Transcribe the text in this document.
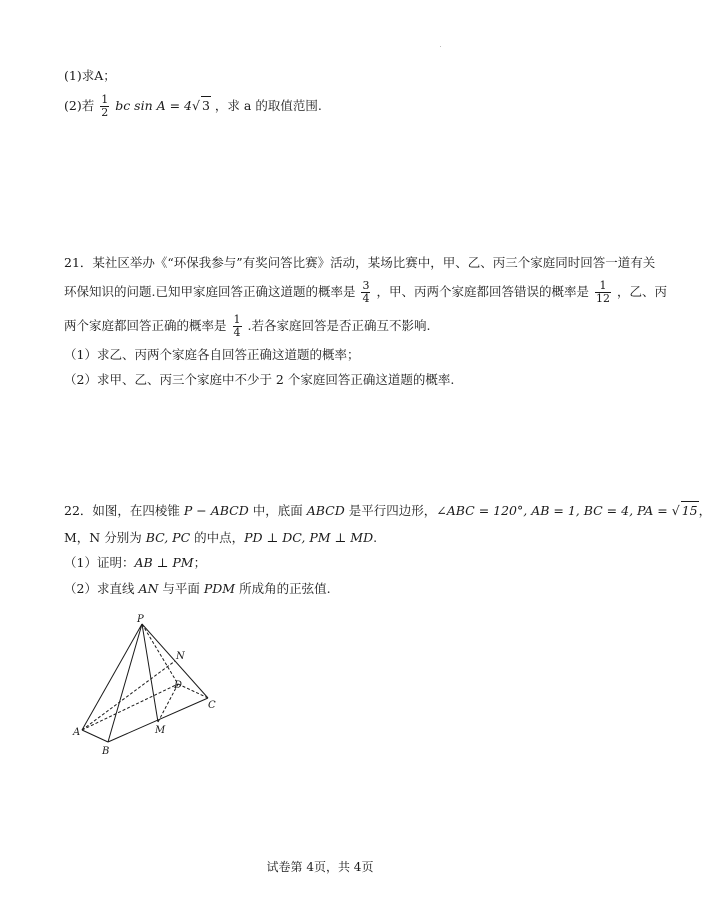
(1)求A；
(2)若 $\frac{1}{2}$ bc sin A = 4√ 3 ，求 a 的取值范围.
21．某社区举办《“环保我参与”有奖问答比赛》活动，某场比赛中，甲、乙、丙三个家庭同时回答一道有关
环保知识的问题.已知甲家庭回答正确这道题的概率是 $\frac{3}{4}$ ，甲、丙两个家庭都回答错误的概率是 $\frac{1}{12}$ ，乙、丙
两个家庭都回答正确的概率是 $\frac{1}{4}$ .若各家庭回答是否正确互不影响.
（1）求乙、丙两个家庭各自回答正确这道题的概率；
（2）求甲、乙、丙三个家庭中不少于 2 个家庭回答正确这道题的概率.
22．如图，在四棱锥 P − ABCD 中，底面 ABCD 是平行四边形，∠ABC = 120°, AB = 1, BC = 4, PA = √ 15，
M，N 分别为 BC, PC 的中点，PD ⊥ DC, PM ⊥ MD.
（1）证明：AB ⊥ PM；
（2）求直线 AN 与平面 PDM 所成角的正弦值.
P
N
D
C
A	M
B
试卷第 4页，共 4页
